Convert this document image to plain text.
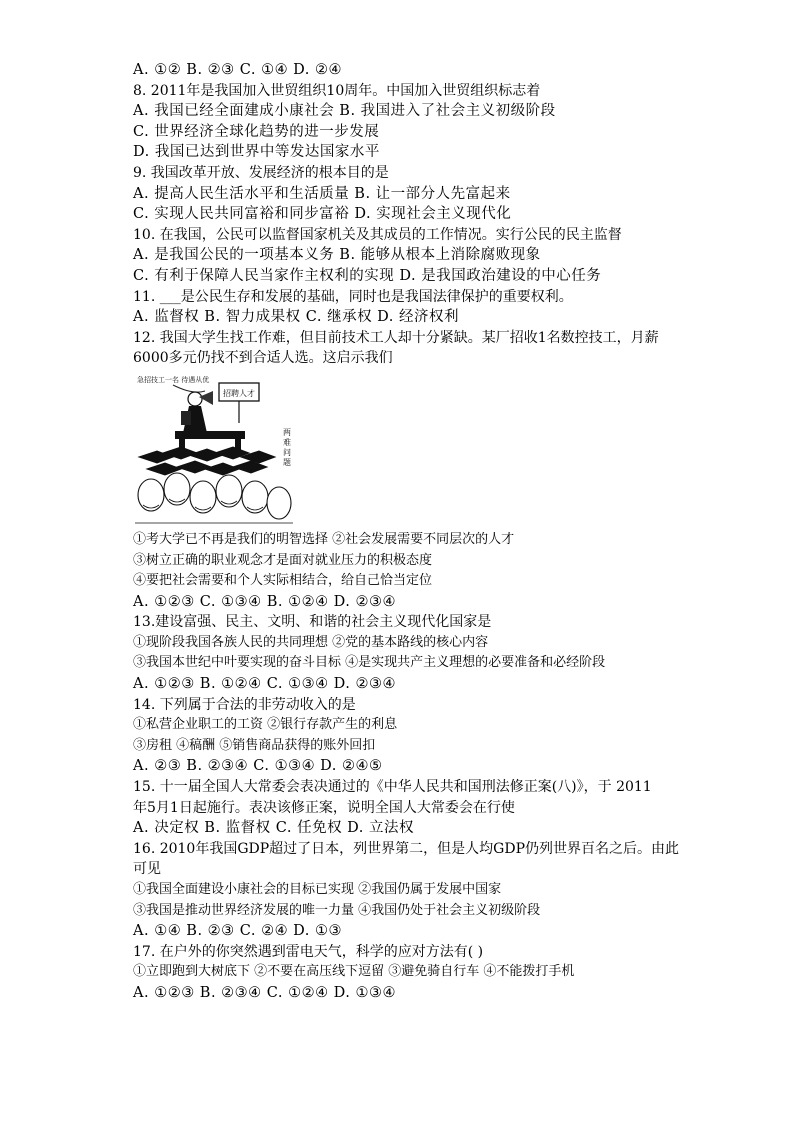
A. ①② B. ②③ C. ①④ D. ②④
8. 2011年是我国加入世贸组织10周年。中国加入世贸组织标志着
A. 我国已经全面建成小康社会 B. 我国进入了社会主义初级阶段
C. 世界经济全球化趋势的进一步发展
D. 我国已达到世界中等发达国家水平
9. 我国改革开放、发展经济的根本目的是
A. 提高人民生活水平和生活质量 B. 让一部分人先富起来
C. 实现人民共同富裕和同步富裕 D. 实现社会主义现代化
10. 在我国，公民可以监督国家机关及其成员的工作情况。实行公民的民主监督
A. 是我国公民的一项基本义务 B. 能够从根本上消除腐败现象
C. 有利于保障人民当家作主权利的实现 D. 是我国政治建设的中心任务
11. ___是公民生存和发展的基础，同时也是我国法律保护的重要权利。
A. 监督权 B. 智力成果权 C. 继承权 D. 经济权利
12. 我国大学生找工作难，但目前技术工人却十分紧缺。某厂招收1名数控技工，月薪
6000多元仍找不到合适人选。这启示我们
急招技工一名 待遇从优
招聘人才
两 难 问 题
①考大学已不再是我们的明智选择 ②社会发展需要不同层次的人才
③树立正确的职业观念才是面对就业压力的积极态度
④要把社会需要和个人实际相结合，给自己恰当定位
A. ①②③ C. ①③④ B. ①②④ D. ②③④
13.建设富强、民主、文明、和谐的社会主义现代化国家是
①现阶段我国各族人民的共同理想 ②党的基本路线的核心内容
③我国本世纪中叶要实现的奋斗目标 ④是实现共产主义理想的必要准备和必经阶段
A. ①②③ B. ①②④ C. ①③④ D. ②③④
14. 下列属于合法的非劳动收入的是
①私营企业职工的工资 ②银行存款产生的利息
③房租 ④稿酬 ⑤销售商品获得的账外回扣
A. ②③ B. ②③④ C. ①③④ D. ②④⑤
15. 十一届全国人大常委会表决通过的《中华人民共和国刑法修正案(八)》，于 2011
年5月1日起施行。表决该修正案，说明全国人大常委会在行使
A. 决定权 B. 监督权 C. 任免权 D. 立法权
16. 2010年我国GDP超过了日本，列世界第二，但是人均GDP仍列世界百名之后。由此
可见
①我国全面建设小康社会的目标已实现 ②我国仍属于发展中国家
③我国是推动世界经济发展的唯一力量 ④我国仍处于社会主义初级阶段
A. ①④ B. ②③ C. ②④ D. ①③
17. 在户外的你突然遇到雷电天气，科学的应对方法有( )
①立即跑到大树底下 ②不要在高压线下逗留 ③避免骑自行车 ④不能拨打手机
A. ①②③ B. ②③④ C. ①②④ D. ①③④
